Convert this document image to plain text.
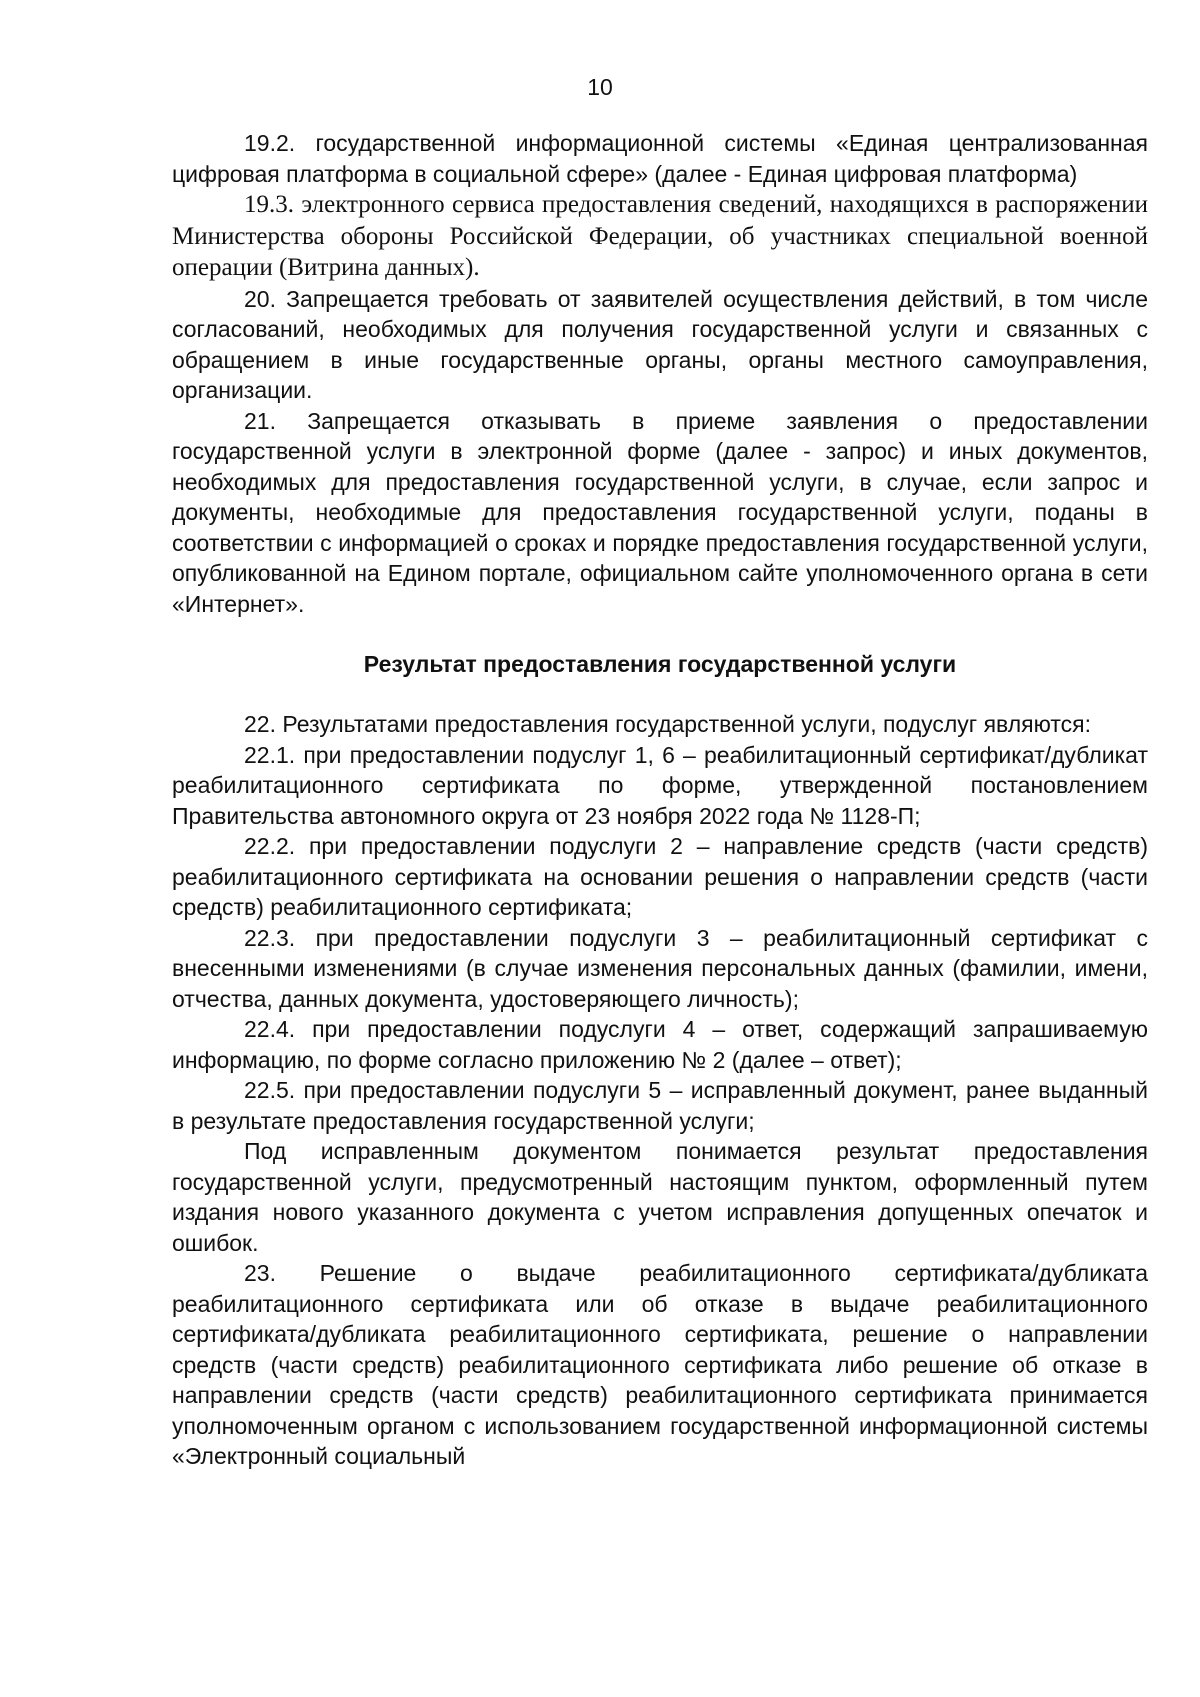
10

19.2. государственной информационной системы «Единая централизованная цифровая платформа в социальной сфере» (далее - Единая цифровая платформа)

19.3. электронного сервиса предоставления сведений, находящихся в распоряжении Министерства обороны Российской Федерации, об участниках специальной военной операции (Витрина данных).

20. Запрещается требовать от заявителей осуществления действий, в том числе согласований, необходимых для получения государственной услуги и связанных с обращением в иные государственные органы, органы местного самоуправления, организации.

21. Запрещается отказывать в приеме заявления о предоставлении государственной услуги в электронной форме (далее - запрос) и иных документов, необходимых для предоставления государственной услуги, в случае, если запрос и документы, необходимые для предоставления государственной услуги, поданы в соответствии с информацией о сроках и порядке предоставления государственной услуги, опубликованной на Едином портале, официальном сайте уполномоченного органа в сети «Интернет».

Результат предоставления государственной услуги

22. Результатами предоставления государственной услуги, подуслуг являются:

22.1. при предоставлении подуслуг 1, 6 – реабилитационный сертификат/дубликат реабилитационного сертификата по форме, утвержденной постановлением Правительства автономного округа от 23 ноября 2022 года № 1128-П;

22.2. при предоставлении подуслуги 2 – направление средств (части средств) реабилитационного сертификата на основании решения о направлении средств (части средств) реабилитационного сертификата;

22.3. при предоставлении подуслуги 3 – реабилитационный сертификат с внесенными изменениями (в случае изменения персональных данных (фамилии, имени, отчества, данных документа, удостоверяющего личность);

22.4. при предоставлении подуслуги 4 – ответ, содержащий запрашиваемую информацию, по форме согласно приложению № 2 (далее – ответ);

22.5. при предоставлении подуслуги 5 – исправленный документ, ранее выданный в результате предоставления государственной услуги;

Под исправленным документом понимается результат предоставления государственной услуги, предусмотренный настоящим пунктом, оформленный путем издания нового указанного документа с учетом исправления допущенных опечаток и ошибок.

23. Решение о выдаче реабилитационного сертификата/дубликата реабилитационного сертификата или об отказе в выдаче реабилитационного сертификата/дубликата реабилитационного сертификата, решение о направлении средств (части средств) реабилитационного сертификата либо решение об отказе в направлении средств (части средств) реабилитационного сертификата принимается уполномоченным органом с использованием государственной информационной системы «Электронный социальный
